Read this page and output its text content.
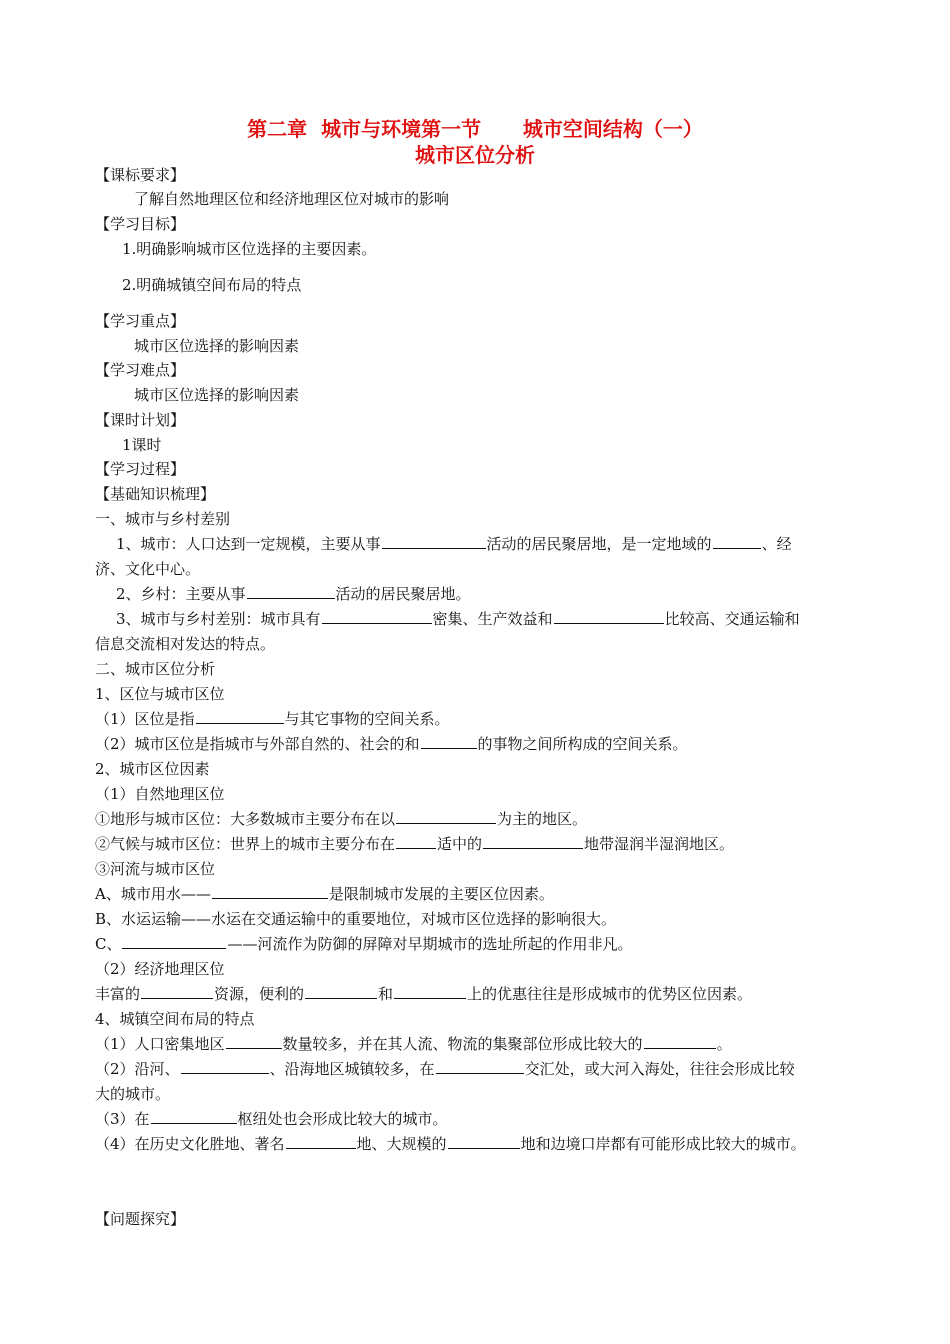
第二章  城市与环境第一节      城市空间结构（一）
城市区位分析
【课标要求】
了解自然地理区位和经济地理区位对城市的影响
【学习目标】
1.明确影响城市区位选择的主要因素。
2.明确城镇空间布局的特点
【学习重点】
城市区位选择的影响因素
【学习难点】
城市区位选择的影响因素
【课时计划】
1课时
【学习过程】
【基础知识梳理】
一、城市与乡村差别
1、城市：人口达到一定规模，主要从事	活动的居民聚居地，是一定地域的	、经
济、文化中心。
2、乡村：主要从事	活动的居民聚居地。
3、城市与乡村差别：城市具有	密集、生产效益和	比较高、交通运输和
信息交流相对发达的特点。
二、城市区位分析
1、区位与城市区位
（1）区位是指	与其它事物的空间关系。
（2）城市区位是指城市与外部自然的、社会的和	的事物之间所构成的空间关系。
2、城市区位因素
（1）自然地理区位
①地形与城市区位：大多数城市主要分布在以	为主的地区。
②气候与城市区位：世界上的城市主要分布在	适中的	地带湿润半湿润地区。
③河流与城市区位
A、城市用水——	是限制城市发展的主要区位因素。
B、水运运输——水运在交通运输中的重要地位，对城市区位选择的影响很大。
C、	——河流作为防御的屏障对早期城市的选址所起的作用非凡。
（2）经济地理区位
丰富的	资源，便利的	和	上的优惠往往是形成城市的优势区位因素。
4、城镇空间布局的特点
（1）人口密集地区	数量较多，并在其人流、物流的集聚部位形成比较大的	。
（2）沿河、	、沿海地区城镇较多，在	交汇处，或大河入海处，往往会形成比较
大的城市。
（3）在	枢纽处也会形成比较大的城市。
（4）在历史文化胜地、著名	地、大规模的	地和边境口岸都有可能形成比较大的城市。
【问题探究】
